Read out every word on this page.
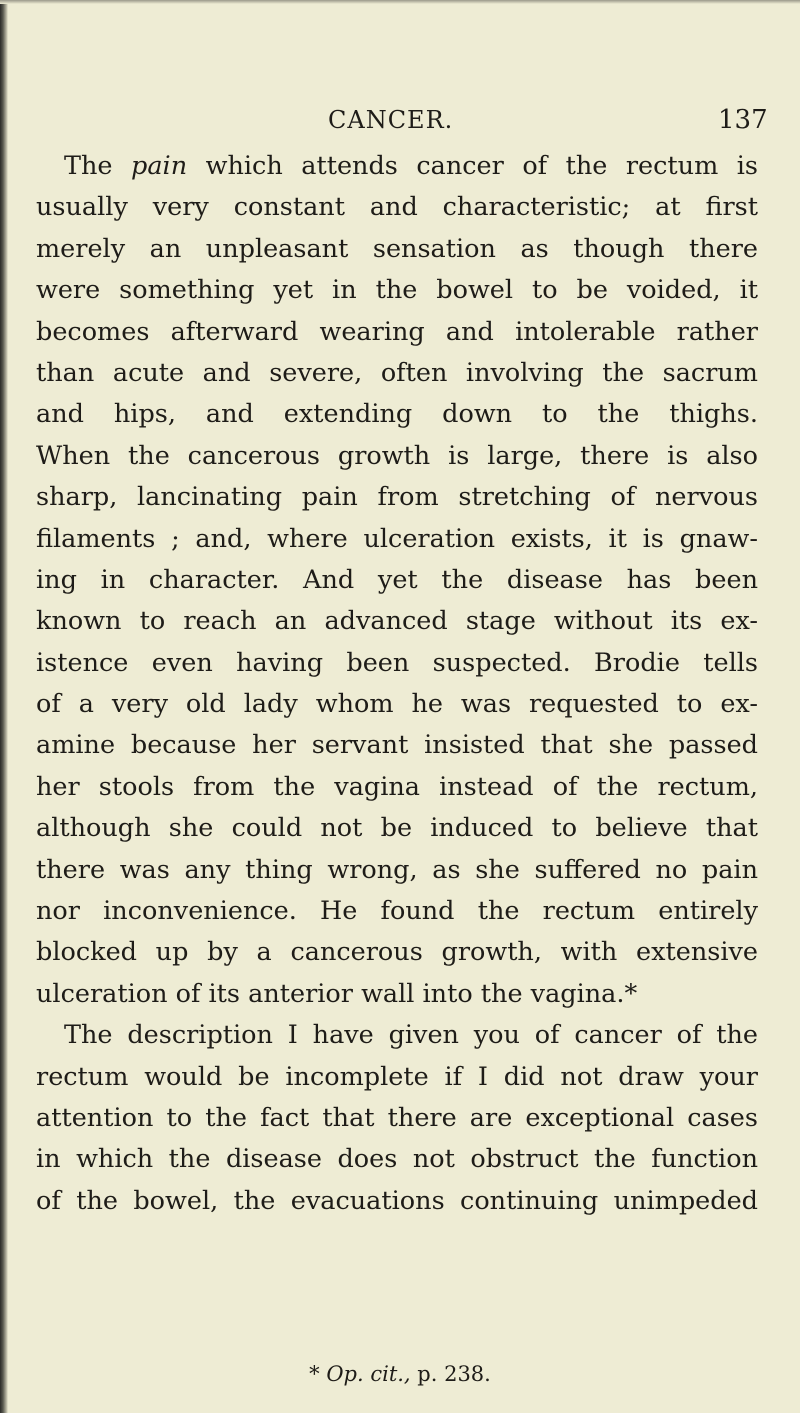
CANCER.	137
The pain which attends cancer of the rectum is
usually very constant and characteristic; at first
merely an unpleasant sensation as though there
were something yet in the bowel to be voided, it
becomes afterward wearing and intolerable rather
than acute and severe, often involving the sacrum
and hips, and extending down to the thighs.
When the cancerous growth is large, there is also
sharp, lancinating pain from stretching of nervous
filaments ; and, where ulceration exists, it is gnaw-
ing in character. And yet the disease has been
known to reach an advanced stage without its ex-
istence even having been suspected. Brodie tells
of a very old lady whom he was requested to ex-
amine because her servant insisted that she passed
her stools from the vagina instead of the rectum,
although she could not be induced to believe that
there was any thing wrong, as she suffered no pain
nor inconvenience. He found the rectum entirely
blocked up by a cancerous growth, with extensive
ulceration of its anterior wall into the vagina.*
The description I have given you of cancer of the
rectum would be incomplete if I did not draw your
attention to the fact that there are exceptional cases
in which the disease does not obstruct the function
of the bowel, the evacuations continuing unimpeded
* Op. cit., p. 238.
